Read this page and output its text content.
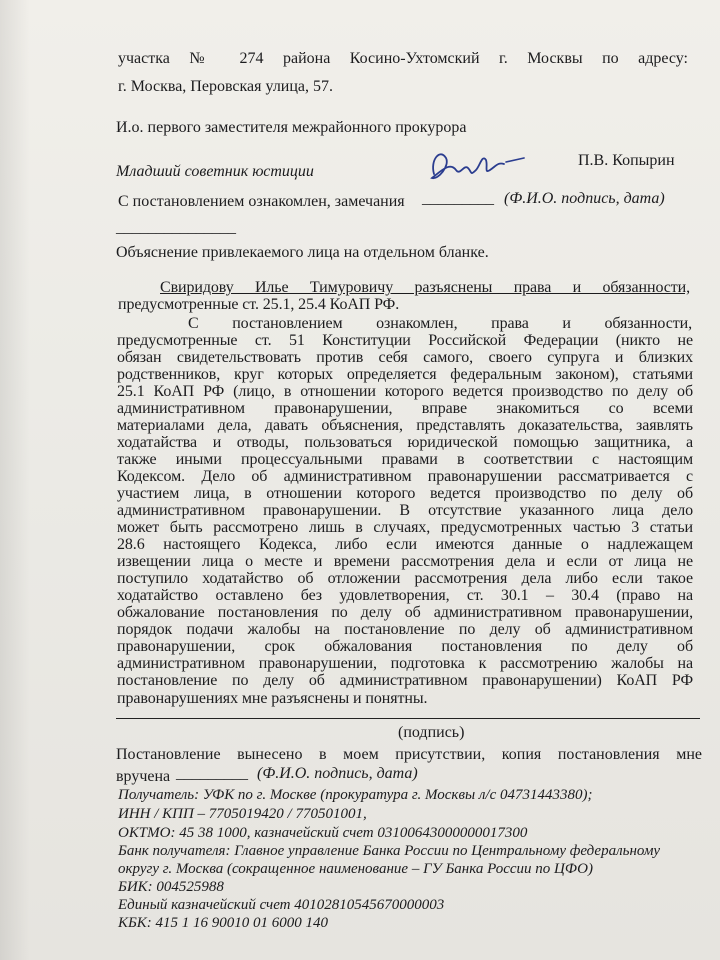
участка № 274 района Косино-Ухтомский г. Москвы по адресу:
г. Москва, Перовская улица, 57.
И.о. первого заместителя межрайонного прокурора
Младший советник юстиции
П.В. Копырин
С постановлением ознакомлен, замечания _________ (Ф.И.О. подпись, дата)
_______________
Объяснение привлекаемого лица на отдельном бланке.
Свиридову Илье Тимуровичу разъяснены права и обязанности,
предусмотренные ст. 25.1, 25.4 КоАП РФ.
С постановлением ознакомлен, права и обязанности,
предусмотренные ст. 51 Конституции Российской Федерации (никто не
обязан свидетельствовать против себя самого, своего супруга и близких
родственников, круг которых определяется федеральным законом), статьями
25.1 КоАП РФ (лицо, в отношении которого ведется производство по делу об
административном правонарушении, вправе знакомиться со всеми
материалами дела, давать объяснения, представлять доказательства, заявлять
ходатайства и отводы, пользоваться юридической помощью защитника, а
также иными процессуальными правами в соответствии с настоящим
Кодексом. Дело об административном правонарушении рассматривается с
участием лица, в отношении которого ведется производство по делу об
административном правонарушении. В отсутствие указанного лица дело
может быть рассмотрено лишь в случаях, предусмотренных частью 3 статьи
28.6 настоящего Кодекса, либо если имеются данные о надлежащем
извещении лица о месте и времени рассмотрения дела и если от лица не
поступило ходатайство об отложении рассмотрения дела либо если такое
ходатайство оставлено без удовлетворения, ст. 30.1 – 30.4 (право на
обжалование постановления по делу об административном правонарушении,
порядок подачи жалобы на постановление по делу об административном
правонарушении, срок обжалования постановления по делу об
административном правонарушении, подготовка к рассмотрению жалобы на
постановление по делу об административном правонарушении) КоАП РФ
правонарушениях мне разъяснены и понятны.
(подпись)
Постановление вынесено в моем присутствии, копия постановления мне
вручена _________ (Ф.И.О. подпись, дата)
Получатель: УФК по г. Москве (прокуратура г. Москвы л/с 04731443380);
ИНН / КПП – 7705019420 / 770501001,
ОКТМО: 45 38 1000, казначейский счет 03100643000000017300
Банк получателя: Главное управление Банка России по Центральному федеральному
округу г. Москва (сокращенное наименование – ГУ Банка России по ЦФО)
БИК: 004525988
Единый казначейский счет 40102810545670000003
КБК: 415 1 16 90010 01 6000 140
